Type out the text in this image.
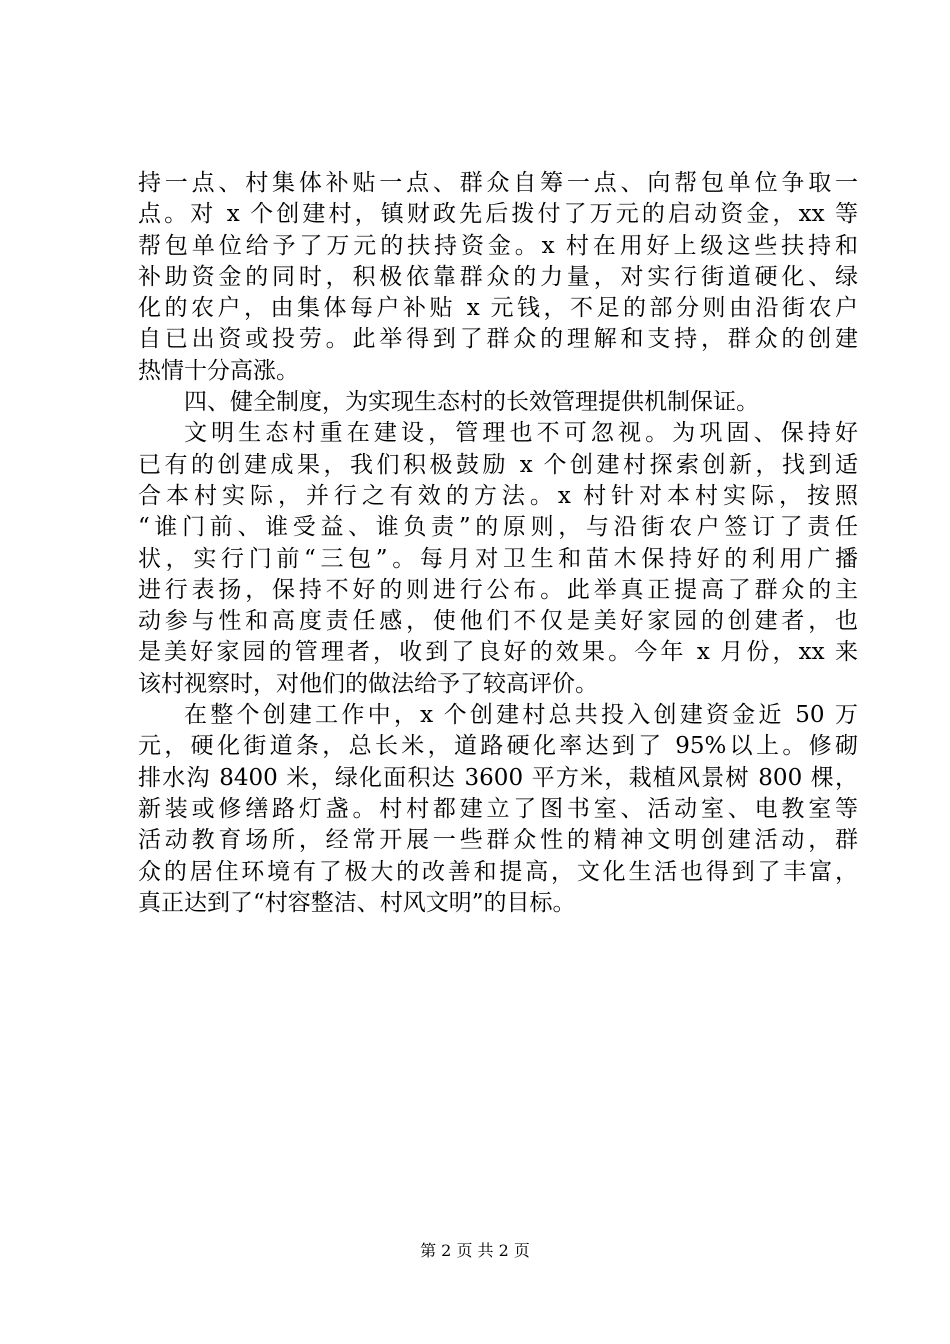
持一点、村集体补贴一点、群众自筹一点、向帮包单位争取一
点。对 x 个创建村，镇财政先后拨付了万元的启动资金，xx 等
帮包单位给予了万元的扶持资金。x 村在用好上级这些扶持和
补助资金的同时，积极依靠群众的力量，对实行街道硬化、绿
化的农户，由集体每户补贴 x 元钱，不足的部分则由沿街农户
自已出资或投劳。此举得到了群众的理解和支持，群众的创建
热情十分高涨。
四、健全制度，为实现生态村的长效管理提供机制保证。
文明生态村重在建设，管理也不可忽视。为巩固、保持好
已有的创建成果，我们积极鼓励 x 个创建村探索创新，找到适
合本村实际，并行之有效的方法。x 村针对本村实际，按照
“谁门前、谁受益、谁负责”的原则，与沿街农户签订了责任
状，实行门前“三包”。每月对卫生和苗木保持好的利用广播
进行表扬，保持不好的则进行公布。此举真正提高了群众的主
动参与性和高度责任感，使他们不仅是美好家园的创建者，也
是美好家园的管理者，收到了良好的效果。今年 x 月份，xx 来
该村视察时，对他们的做法给予了较高评价。
在整个创建工作中，x 个创建村总共投入创建资金近 50 万
元，硬化街道条，总长米，道路硬化率达到了 95%以上。修砌
排水沟 8400 米，绿化面积达 3600 平方米，栽植风景树 800 棵，
新装或修缮路灯盏。村村都建立了图书室、活动室、电教室等
活动教育场所，经常开展一些群众性的精神文明创建活动，群
众的居住环境有了极大的改善和提高，文化生活也得到了丰富，
真正达到了“村容整洁、村风文明”的目标。
第 2 页 共 2 页
